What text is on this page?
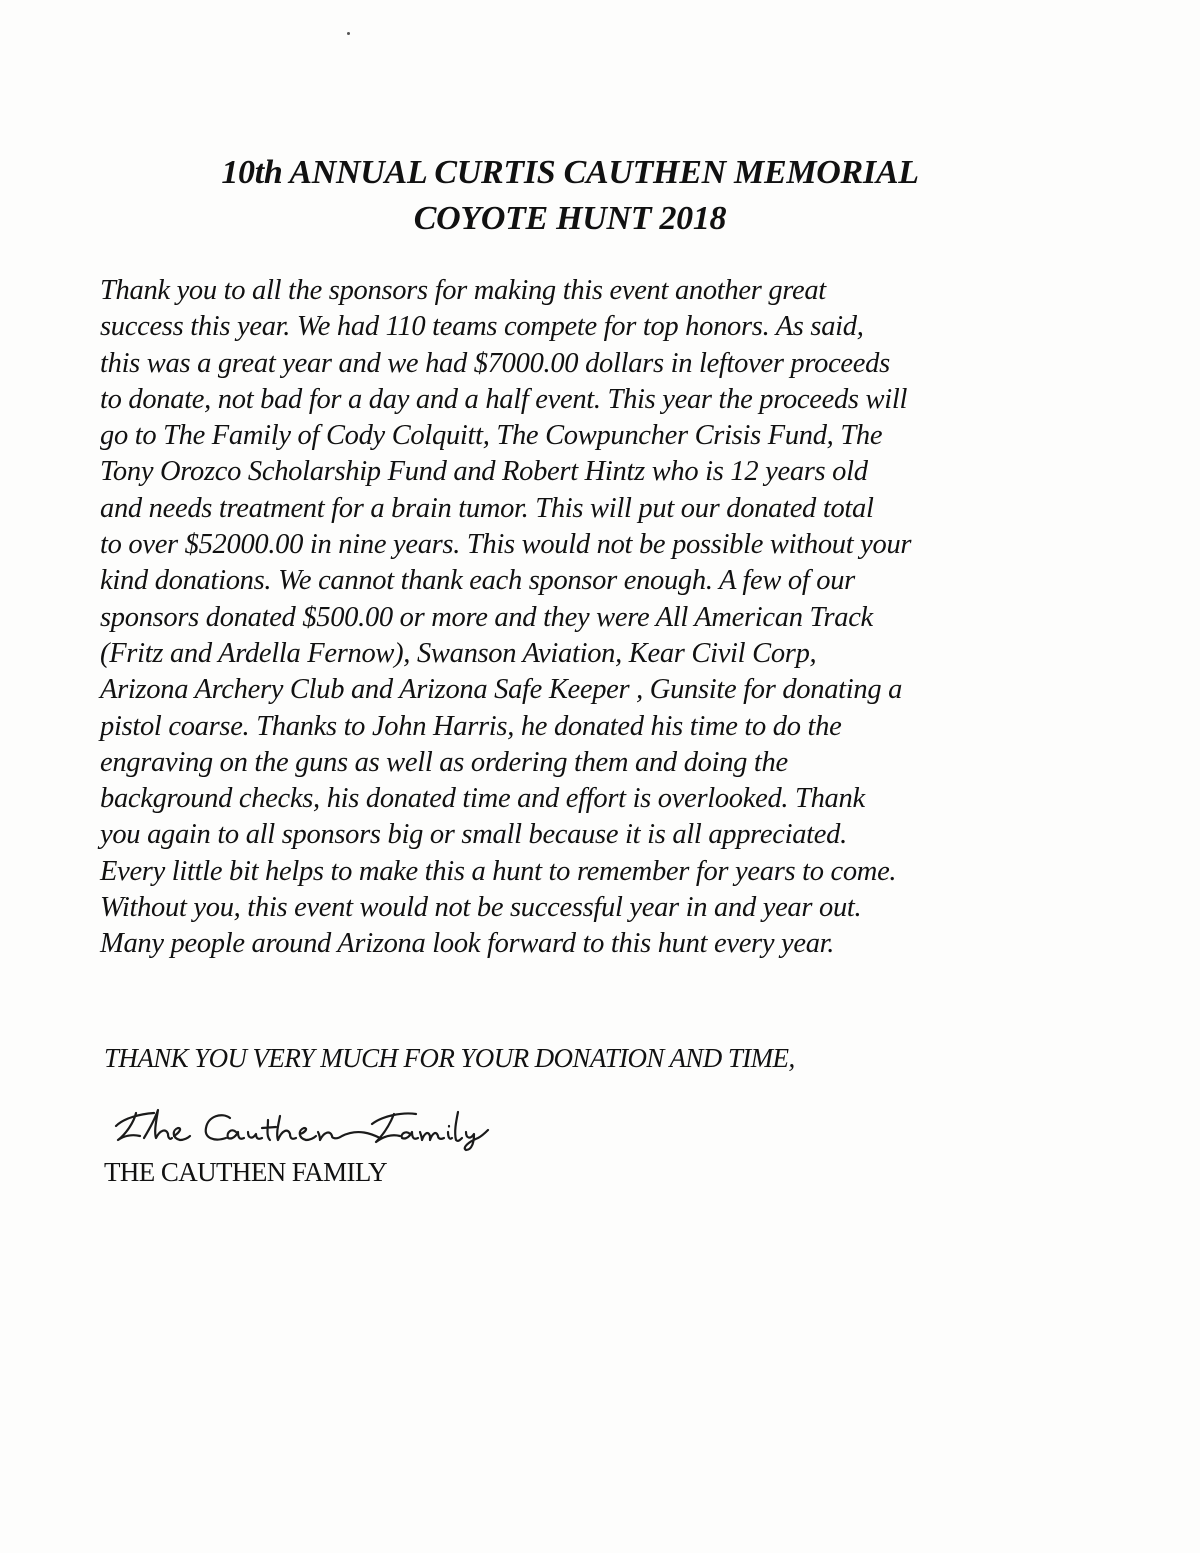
10th ANNUAL CURTIS CAUTHEN MEMORIAL
COYOTE HUNT 2018

Thank you to all the sponsors for making this event another great
success this year. We had 110 teams compete for top honors. As said,
this was a great year and we had $7000.00 dollars in leftover proceeds
to donate, not bad for a day and a half event. This year the proceeds will
go to The Family of Cody Colquitt, The Cowpuncher Crisis Fund, The
Tony Orozco Scholarship Fund and Robert Hintz who is 12 years old
and needs treatment for a brain tumor. This will put our donated total
to over $52000.00 in nine years. This would not be possible without your
kind donations. We cannot thank each sponsor enough. A few of our
sponsors donated $500.00 or more and they were All American Track
(Fritz and Ardella Fernow), Swanson Aviation, Kear Civil Corp,
Arizona Archery Club and Arizona Safe Keeper , Gunsite for donating a
pistol coarse. Thanks to John Harris, he donated his time to do the
engraving on the guns as well as ordering them and doing the
background checks, his donated time and effort is overlooked. Thank
you again to all sponsors big or small because it is all appreciated.
Every little bit helps to make this a hunt to remember for years to come.
Without you, this event would not be successful year in and year out.
Many people around Arizona look forward to this hunt every year.

THANK YOU VERY MUCH FOR YOUR DONATION AND TIME,

THE CAUTHEN FAMILY
